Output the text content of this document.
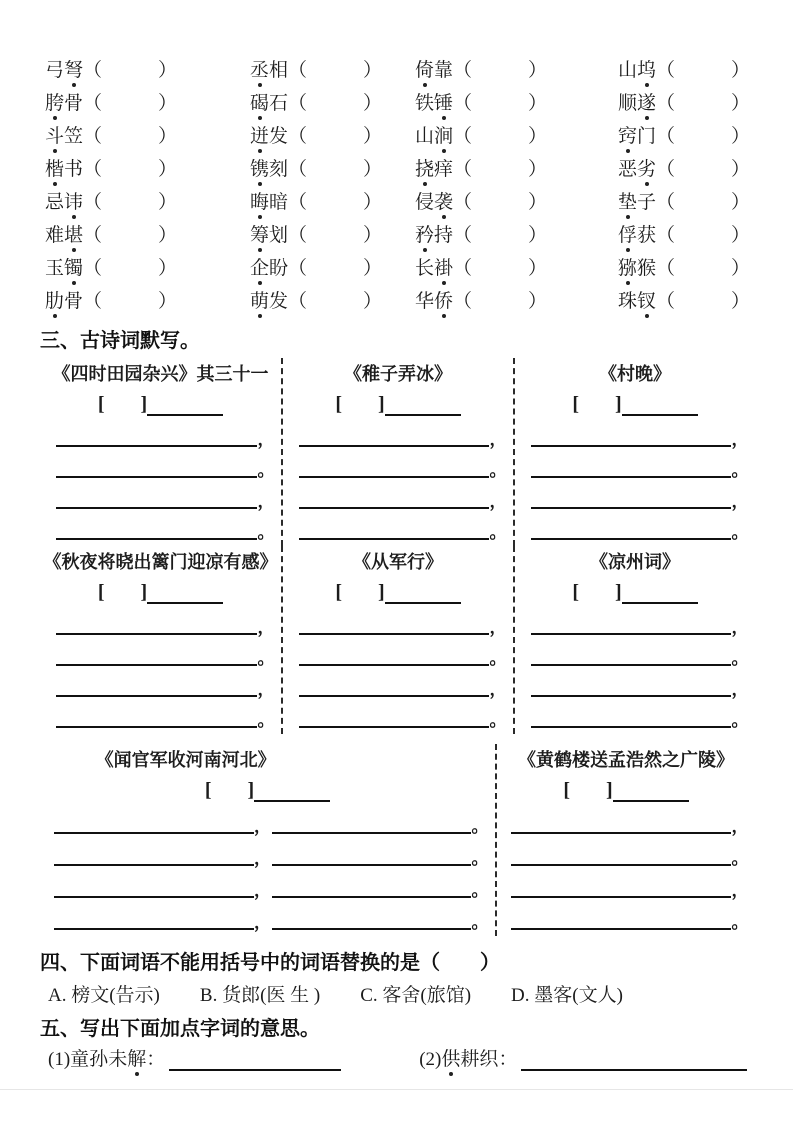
弓弩 （	）	丞相 （	） 倚靠 （	）	山坞 （	）
胯骨 （	）	碣石 （	） 铁锤 （	）	顺遂 （	）
斗笠 （	）	迸发 （	） 山涧 （	）	窍门 （	）
楷书 （	）	镌刻 （	） 挠痒 （	）	恶劣 （	）
忌讳 （	）	晦暗 （	） 侵袭 （	）	垫子 （	）
难堪 （	）	筹划 （	） 矜持 （	）	俘获 （	）
玉镯 （	）	企盼 （	） 长褂 （	）	猕猴 （	）
肋骨 （	）	萌发 （	） 华侨 （	）	珠钗 （	）
三、古诗词默写。
《四时田园杂兴》其三十一
[ ]
，
。
，
。
《稚子弄冰》
[ ]
，
。
，
。
《村晚》
[ ]
，
。
，
。
《秋夜将晓出篱门迎凉有感》
[ ]
，
。
，
。
《从军行》
[ ]
，
。
，
。
《凉州词》
[ ]
，
。
，
。
《闻官军收河南河北》
[ ]
，	。
，	。
，	。
，	。
《黄鹤楼送孟浩然之广陵》
[ ]
，
。
，
。
四、下面词语不能用括号中的词语替换的是（　　）
A. 榜文(告示) B. 货郎(医 生 ) C. 客舍(旅馆) D. 墨客(文人)
五、写出下面加点字词的意思。
(1) 童孙未解 ：	(2) 供耕织 ：
